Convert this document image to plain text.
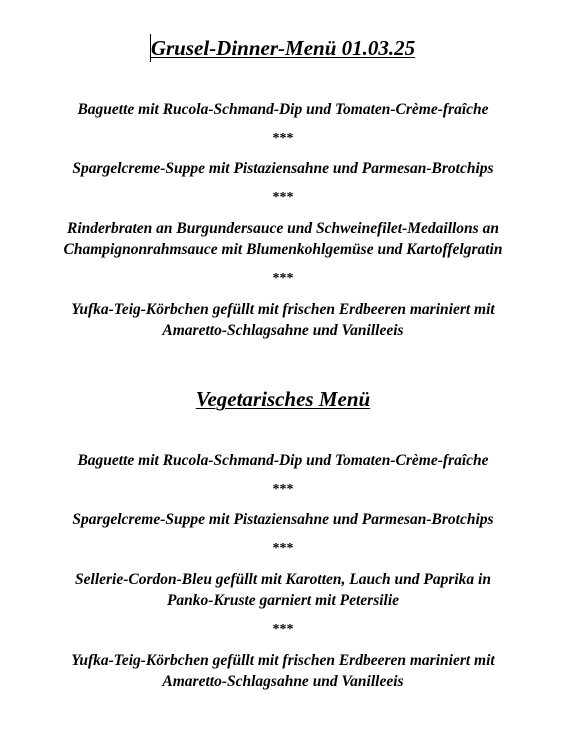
Grusel-Dinner-Menü 01.03.25
Baguette mit Rucola-Schmand-Dip und Tomaten-Crème-fraîche
***
Spargelcreme-Suppe mit Pistaziensahne und Parmesan-Brotchips
***
Rinderbraten an Burgundersauce und Schweinefilet-Medaillons an
Champignonrahmsauce mit Blumenkohlgemüse und Kartoffelgratin
***
Yufka-Teig-Körbchen gefüllt mit frischen Erdbeeren mariniert mit
Amaretto-Schlagsahne und Vanilleeis
Vegetarisches Menü
Baguette mit Rucola-Schmand-Dip und Tomaten-Crème-fraîche
***
Spargelcreme-Suppe mit Pistaziensahne und Parmesan-Brotchips
***
Sellerie-Cordon-Bleu gefüllt mit Karotten, Lauch und Paprika in
Panko-Kruste garniert mit Petersilie
***
Yufka-Teig-Körbchen gefüllt mit frischen Erdbeeren mariniert mit
Amaretto-Schlagsahne und Vanilleeis
